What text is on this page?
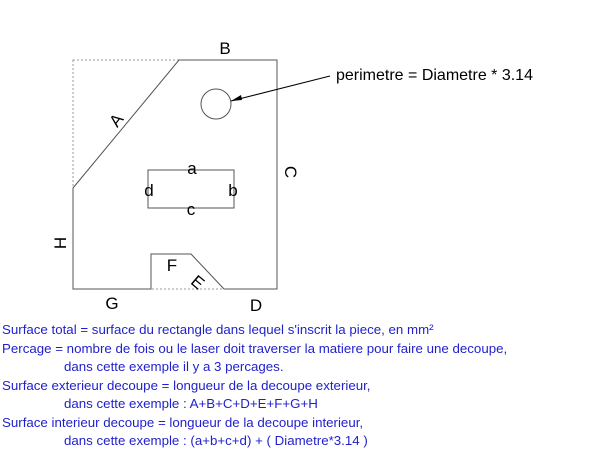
A
B
C
D
E
F
G
H
a
b
c
d
perimetre = Diametre * 3.14
Surface total = surface du rectangle dans lequel s'inscrit la piece, en mm²
Percage = nombre de fois ou le laser doit traverser la matiere pour faire une decoupe,
dans cette exemple il y a 3 percages.
Surface exterieur decoupe = longueur de la decoupe exterieur,
dans cette exemple : A+B+C+D+E+F+G+H
Surface interieur decoupe = longueur de la decoupe interieur,
dans cette exemple : (a+b+c+d) + ( Diametre*3.14 )
